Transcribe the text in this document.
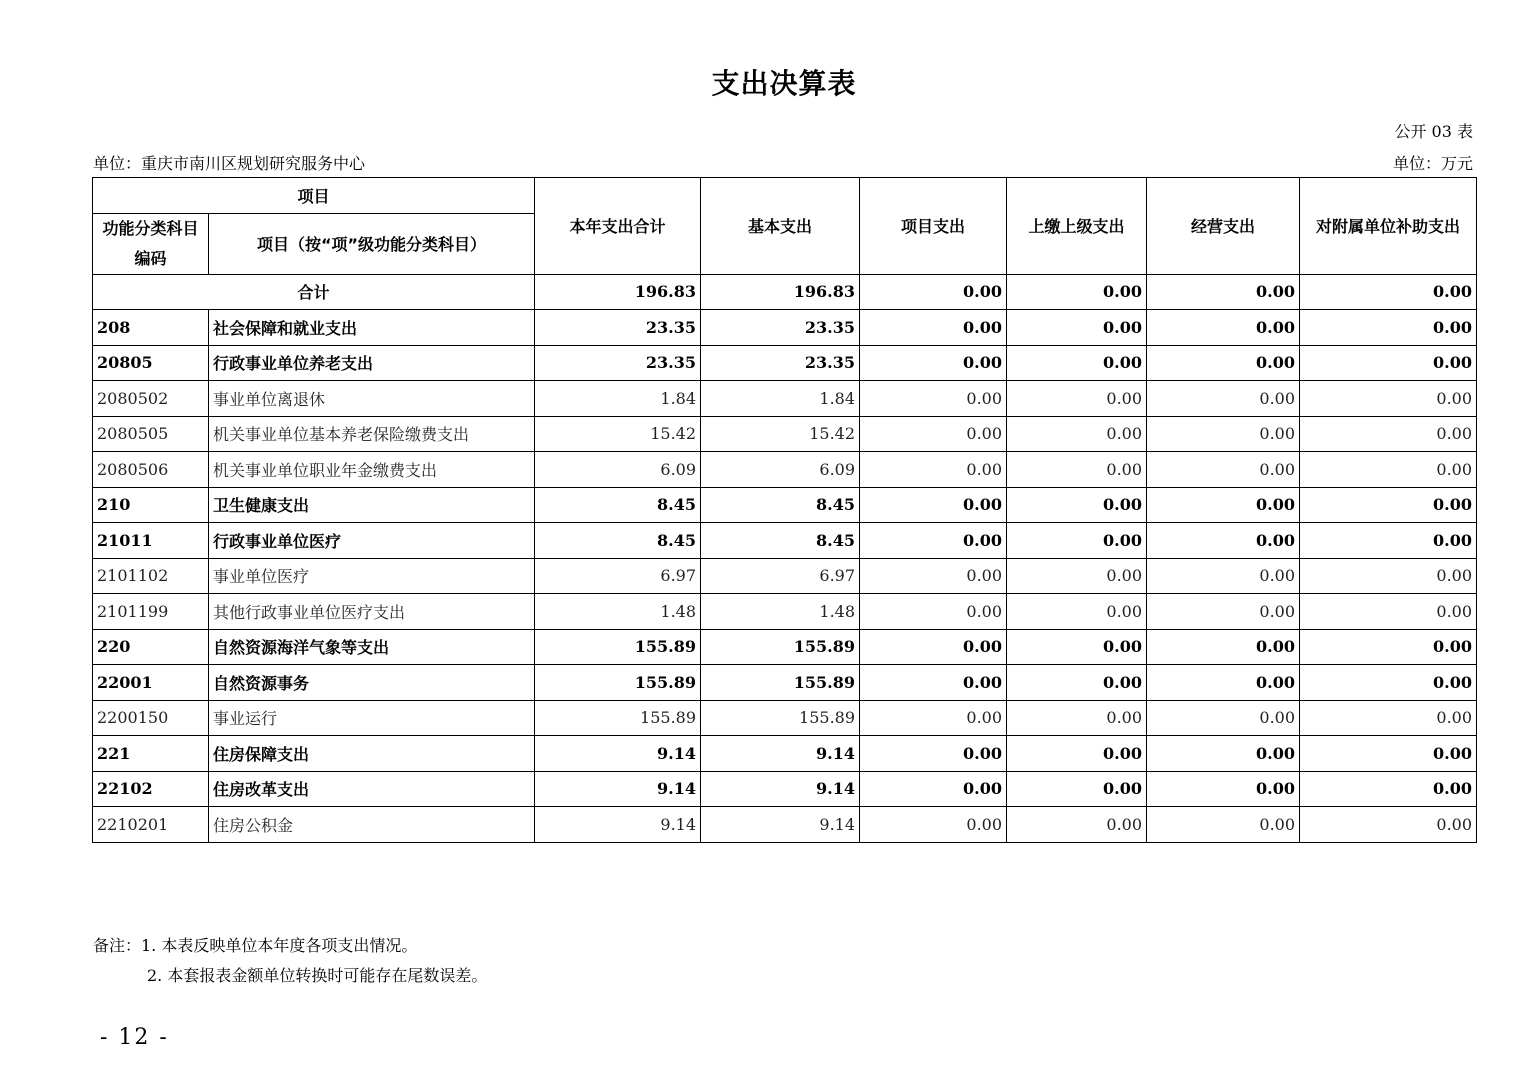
支出决算表
公开 03 表
单位：重庆市南川区规划研究服务中心	单位：万元
项目		本年支出合计	基本支出	项目支出	上缴上级支出	经营支出	对附属单位补助支出
功能分类科目编码	项目（按“项”级功能分类科目）						
合计		196.83	196.83	0.00	0.00	0.00	0.00
208	社会保障和就业支出	23.35	23.35	0.00	0.00	0.00	0.00
20805	行政事业单位养老支出	23.35	23.35	0.00	0.00	0.00	0.00
2080502	事业单位离退休	1.84	1.84	0.00	0.00	0.00	0.00
2080505	机关事业单位基本养老保险缴费支出	15.42	15.42	0.00	0.00	0.00	0.00
2080506	机关事业单位职业年金缴费支出	6.09	6.09	0.00	0.00	0.00	0.00
210	卫生健康支出	8.45	8.45	0.00	0.00	0.00	0.00
21011	行政事业单位医疗	8.45	8.45	0.00	0.00	0.00	0.00
2101102	事业单位医疗	6.97	6.97	0.00	0.00	0.00	0.00
2101199	其他行政事业单位医疗支出	1.48	1.48	0.00	0.00	0.00	0.00
220	自然资源海洋气象等支出	155.89	155.89	0.00	0.00	0.00	0.00
22001	自然资源事务	155.89	155.89	0.00	0.00	0.00	0.00
2200150	事业运行	155.89	155.89	0.00	0.00	0.00	0.00
221	住房保障支出	9.14	9.14	0.00	0.00	0.00	0.00
22102	住房改革支出	9.14	9.14	0.00	0.00	0.00	0.00
2210201	住房公积金	9.14	9.14	0.00	0.00	0.00	0.00
备注：1. 本表反映单位本年度各项支出情况。
2. 本套报表金额单位转换时可能存在尾数误差。
- 12 -
